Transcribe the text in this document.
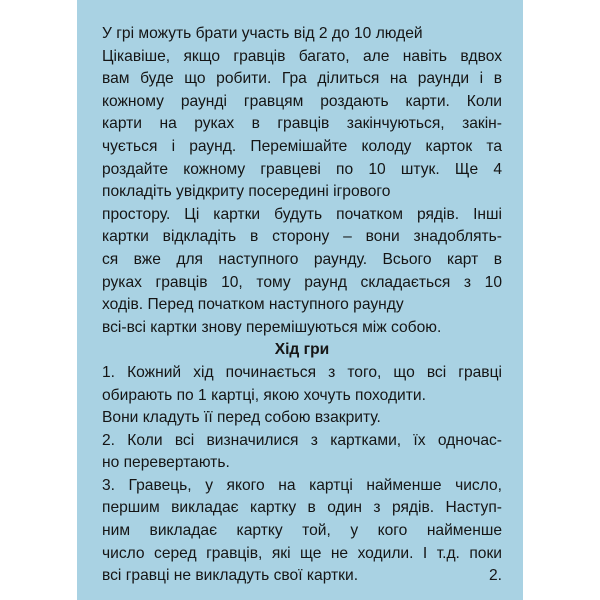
У грі можуть брати участь від 2 до 10 людей
Цікавіше, якщо гравців багато, але навіть вдвох
вам буде що робити. Гра ділиться на раунди і в
кожному раунді гравцям роздають карти. Коли
карти на руках в гравців закінчуються, закін-
чується і раунд. Перемішайте колоду карток та
роздайте кожному гравцеві по 10 штук. Ще 4
покладіть увідкриту посередині ігрового
простору. Ці картки будуть початком рядів. Інші
картки відкладіть в сторону – вони знадоблять-
ся вже для наступного раунду. Всього карт в
руках гравців 10, тому раунд складається з 10
ходів. Перед початком наступного раунду
всі-всі картки знову перемішуються між собою.
Хід гри
1. Кожний хід починається з того, що всі гравці
обирають по 1 картці, якою хочуть походити.
Вони кладуть її перед собою взакриту.
2. Коли всі визначилися з картками, їх одночас-
но перевертають.
3. Гравець, у якого на картці найменше число,
першим викладає картку в один з рядів. Наступ-
ним викладає картку той, у кого найменше
число серед гравців, які ще не ходили. І т.д. поки
всі гравці не викладуть свої картки.	2.
